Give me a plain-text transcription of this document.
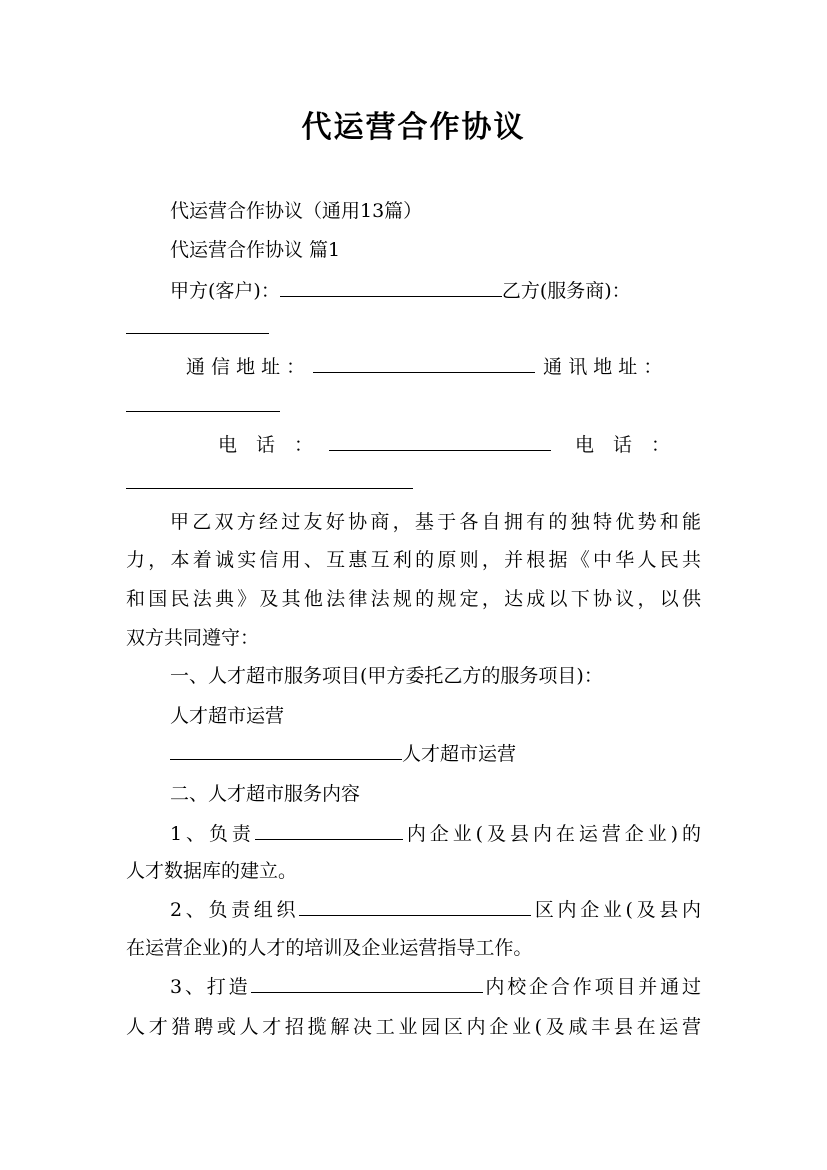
代运营合作协议
代运营合作协议（通用13篇）
代运营合作协议 篇1
甲方(客户)：	乙方(服务商)：
通 信 地 址 ：	通 讯 地 址 ：
电　话　：	电　话　：
甲乙双方经过友好协商，基于各自拥有的独特优势和能
力，本着诚实信用、互惠互利的原则，并根据《中华人民共
和国民法典》及其他法律法规的规定，达成以下协议，以供
双方共同遵守：
一、人才超市服务项目(甲方委托乙方的服务项目)：
人才超市运营
人才超市运营
二、人才超市服务内容
1、负责	内企业(及县内在运营企业)的
人才数据库的建立。
2、负责组织	区内企业(及县内
在运营企业)的人才的培训及企业运营指导工作。
3、打造	内校企合作项目并通过
人才猎聘或人才招揽解决工业园区内企业(及咸丰县在运营
